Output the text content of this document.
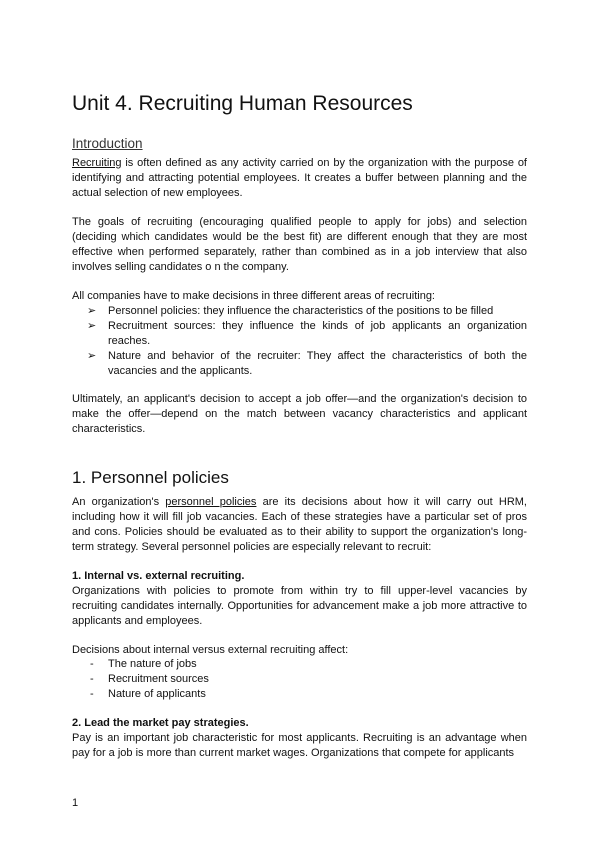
Unit 4. Recruiting Human Resources
Introduction

Recruiting is often defined as any activity carried on by the organization with the purpose of identifying and attracting potential employees. It creates a buffer between planning and the actual selection of new employees.

The goals of recruiting (encouraging qualified people to apply for jobs) and selection (deciding which candidates would be the best fit) are different enough that they are most effective when performed separately, rather than combined as in a job interview that also involves selling candidates o n the company.

All companies have to make decisions in three different areas of recruiting:

➢ Personnel policies: they influence the characteristics of the positions to be filled
➢ Recruitment sources: they influence the kinds of job applicants an organization reaches.
➢ Nature and behavior of the recruiter: They affect the characteristics of both the vacancies and the applicants.

Ultimately, an applicant's decision to accept a job offer—and the organization's decision to make the offer—depend on the match between vacancy characteristics and applicant characteristics.

1. Personnel policies

An organization's personnel policies are its decisions about how it will carry out HRM, including how it will fill job vacancies. Each of these strategies have a particular set of pros and cons. Policies should be evaluated as to their ability to support the organization's long-term strategy. Several personnel policies are especially relevant to recruit:

1. Internal vs. external recruiting.

Organizations with policies to promote from within try to fill upper-level vacancies by recruiting candidates internally. Opportunities for advancement make a job more attractive to applicants and employees.

Decisions about internal versus external recruiting affect:

- The nature of jobs
- Recruitment sources
- Nature of applicants

2. Lead the market pay strategies.

Pay is an important job characteristic for most applicants. Recruiting is an advantage when pay for a job is more than current market wages. Organizations that compete for applicants

1
